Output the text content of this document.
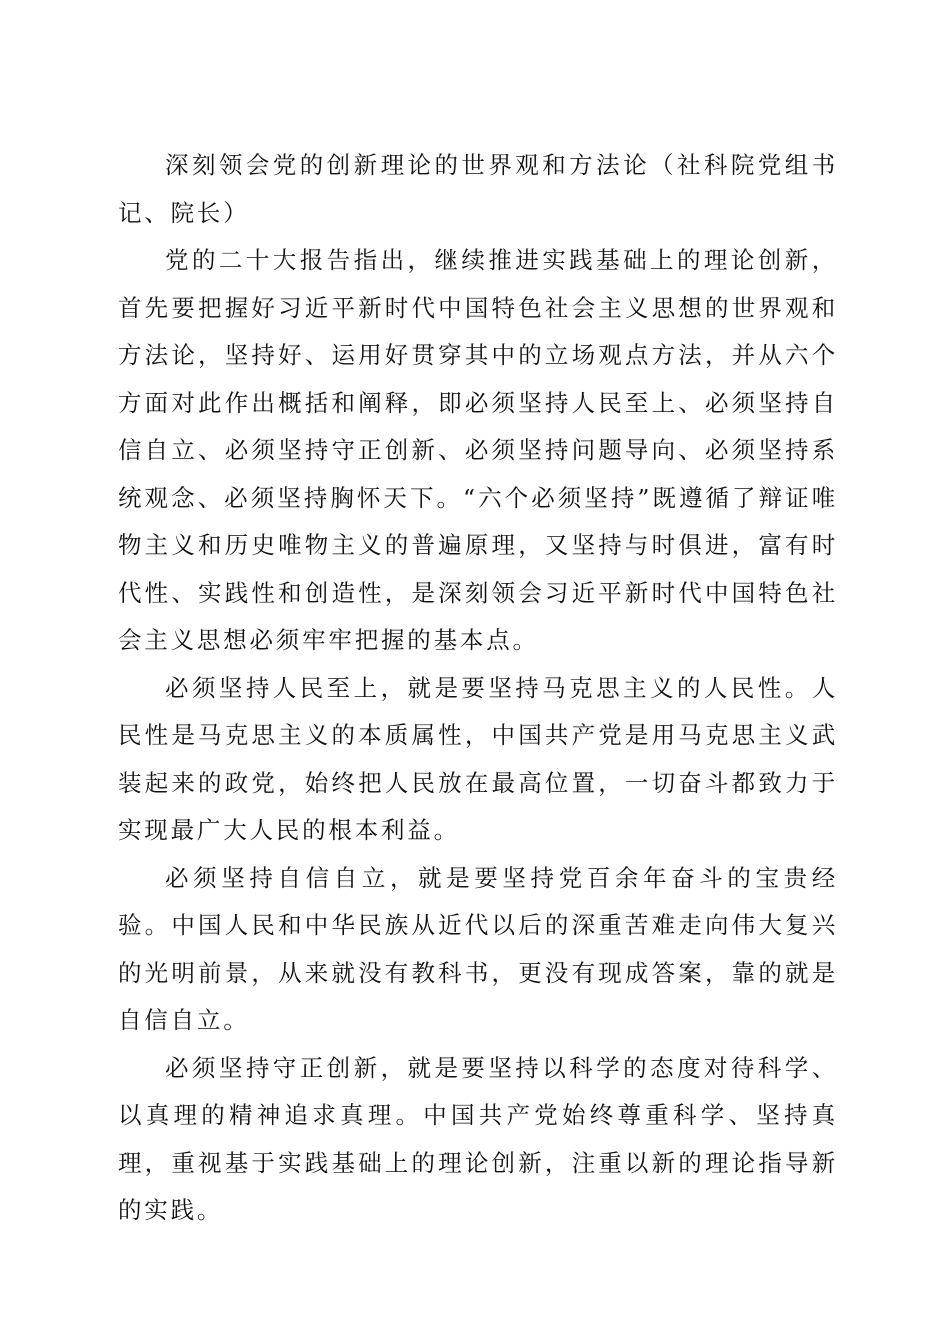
深刻领会党的创新理论的世界观和方法论（社科院党组书记、院长）

党的二十大报告指出，继续推进实践基础上的理论创新，首先要把握好习近平新时代中国特色社会主义思想的世界观和方法论，坚持好、运用好贯穿其中的立场观点方法，并从六个方面对此作出概括和阐释，即必须坚持人民至上、必须坚持自信自立、必须坚持守正创新、必须坚持问题导向、必须坚持系统观念、必须坚持胸怀天下。“六个必须坚持”既遵循了辩证唯物主义和历史唯物主义的普遍原理，又坚持与时俱进，富有时代性、实践性和创造性，是深刻领会习近平新时代中国特色社会主义思想必须牢牢把握的基本点。

必须坚持人民至上，就是要坚持马克思主义的人民性。人民性是马克思主义的本质属性，中国共产党是用马克思主义武装起来的政党，始终把人民放在最高位置，一切奋斗都致力于实现最广大人民的根本利益。

必须坚持自信自立，就是要坚持党百余年奋斗的宝贵经验。中国人民和中华民族从近代以后的深重苦难走向伟大复兴的光明前景，从来就没有教科书，更没有现成答案，靠的就是自信自立。

必须坚持守正创新，就是要坚持以科学的态度对待科学、以真理的精神追求真理。中国共产党始终尊重科学、坚持真理，重视基于实践基础上的理论创新，注重以新的理论指导新的实践。
